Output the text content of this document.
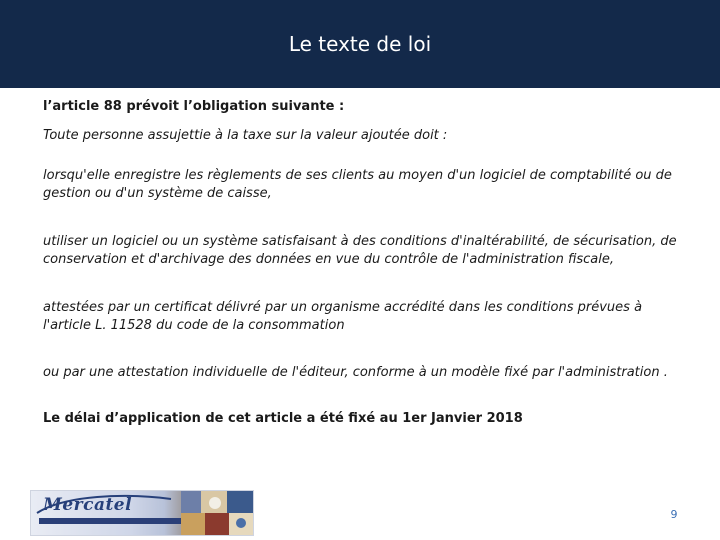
Le texte de loi

l’article 88 prévoit l’obligation suivante :

Toute personne assujettie à la taxe sur la valeur ajoutée doit :

lorsqu'elle enregistre les règlements de ses clients au moyen d'un logiciel de comptabilité ou de gestion ou d'un système de caisse,

utiliser un logiciel ou un système satisfaisant à des conditions d'inaltérabilité, de sécurisation, de conservation et d'archivage des données en vue du contrôle de l'administration fiscale,

attestées par un certificat délivré par un organisme accrédité dans les conditions prévues à l'article L. 11528 du code de la consommation

ou par une attestation individuelle de l'éditeur, conforme à un modèle fixé par l'administration .

Le délai d’application de cet article a été fixé au 1er Janvier 2018

Mercatel	9
